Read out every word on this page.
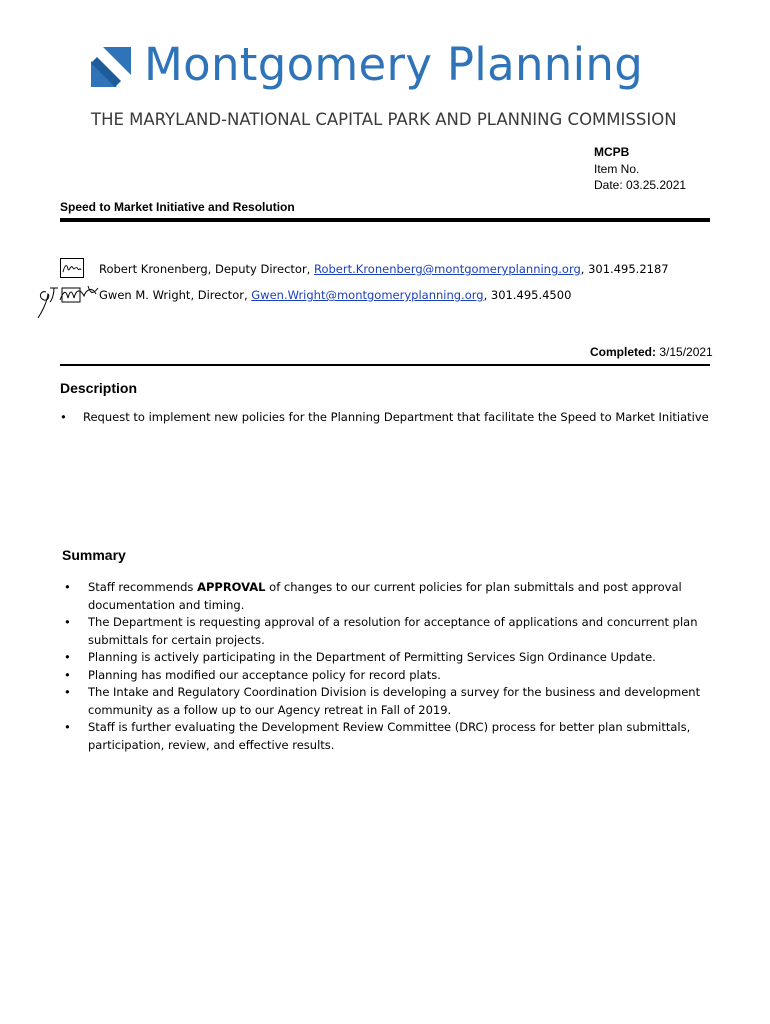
Montgomery Planning
THE MARYLAND-NATIONAL CAPITAL PARK AND PLANNING COMMISSION
MCPB
Item No.
Date: 03.25.2021
Speed to Market Initiative and Resolution
Robert Kronenberg, Deputy Director, Robert.Kronenberg@montgomeryplanning.org, 301.495.2187
Gwen M. Wright, Director, Gwen.Wright@montgomeryplanning.org, 301.495.4500
Completed: 3/15/2021
Description
• Request to implement new policies for the Planning Department that facilitate the Speed to Market Initiative
Summary
• Staff recommends APPROVAL of changes to our current policies for plan submittals and post approval documentation and timing.
• The Department is requesting approval of a resolution for acceptance of applications and concurrent plan submittals for certain projects.
• Planning is actively participating in the Department of Permitting Services Sign Ordinance Update.
• Planning has modified our acceptance policy for record plats.
• The Intake and Regulatory Coordination Division is developing a survey for the business and development community as a follow up to our Agency retreat in Fall of 2019.
• Staff is further evaluating the Development Review Committee (DRC) process for better plan submittals, participation, review, and effective results.
